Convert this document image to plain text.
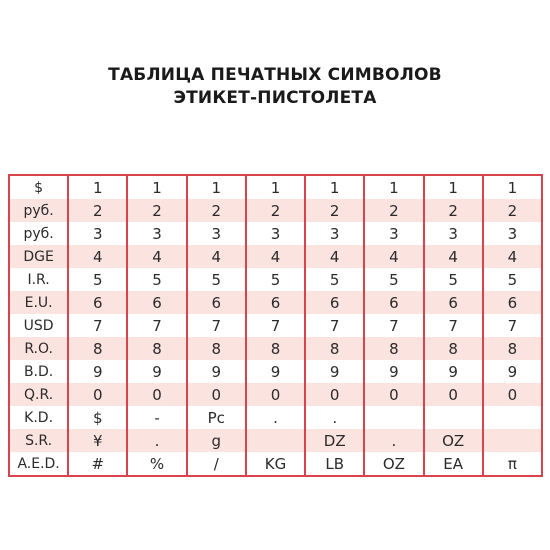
ТАБЛИЦА ПЕЧАТНЫХ СИМВОЛОВ
ЭТИКЕТ-ПИСТОЛЕТА
$	1	1	1	1	1	1	1	1
руб.	2	2	2	2	2	2	2	2
руб.	3	3	3	3	3	3	3	3
DGE	4	4	4	4	4	4	4	4
I.R.	5	5	5	5	5	5	5	5
E.U.	6	6	6	6	6	6	6	6
USD	7	7	7	7	7	7	7	7
R.O.	8	8	8	8	8	8	8	8
B.D.	9	9	9	9	9	9	9	9
Q.R.	0	0	0	0	0	0	0	0
K.D.	$	-	Pc	.	.			
S.R.	¥	.	g		DZ	.	OZ	
A.E.D.	#	%	/	KG	LB	OZ	EA	π
